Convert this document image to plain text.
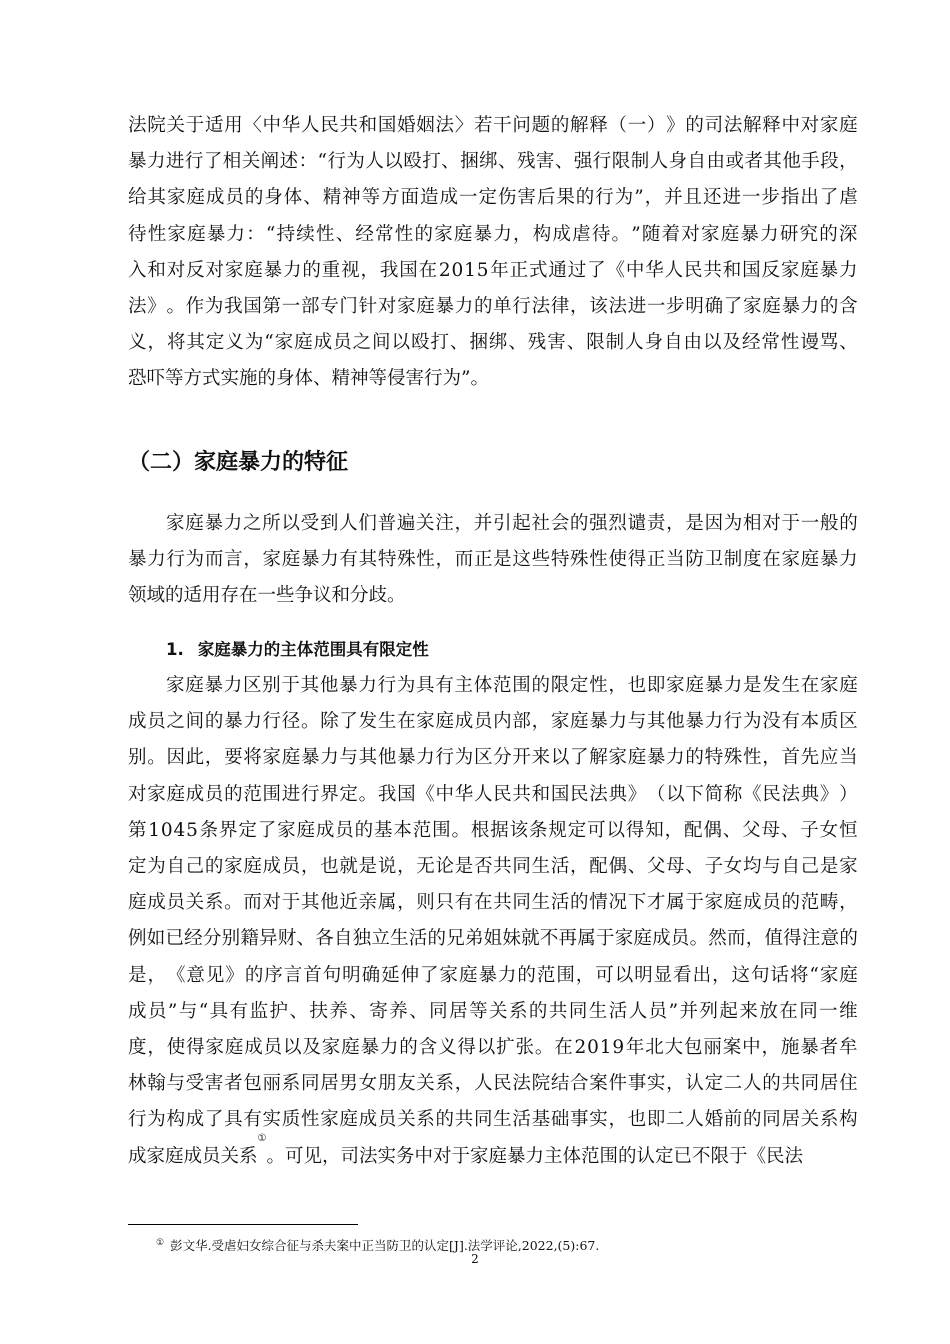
法 院 关 于 适 用 〈 中 华 人 民 共 和 国 婚 姻 法 〉 若 干 问 题 的 解 释 （ 一 ） 》 的 司 法 解 释 中 对 家 庭
暴 力 进 行 了 相 关 阐 述 ： “ 行 为 人 以 殴 打 、 捆 绑 、 残 害 、 强 行 限 制 人 身 自 由 或 者 其 他 手 段 ，
给 其 家 庭 成 员 的 身 体 、 精 神 等 方 面 造 成 一 定 伤 害 后 果 的 行 为 ” ， 并 且 还 进 一 步 指 出 了 虐
待 性 家 庭 暴 力 ： “ 持 续 性 、 经 常 性 的 家 庭 暴 力 ， 构 成 虐 待 。 ” 随 着 对 家 庭 暴 力 研 究 的 深
入 和 对 反 对 家 庭 暴 力 的 重 视 ， 我 国 在 2 0 1 5 年 正 式 通 过 了 《 中 华 人 民 共 和 国 反 家 庭 暴 力
法 》 。 作 为 我 国 第 一 部 专 门 针 对 家 庭 暴 力 的 单 行 法 律 ， 该 法 进 一 步 明 确 了 家 庭 暴 力 的 含
义 ， 将 其 定 义 为 “ 家 庭 成 员 之 间 以 殴 打 、 捆 绑 、 残 害 、 限 制 人 身 自 由 以 及 经 常 性 谩 骂 、
恐吓等方式实施的身体、精神等侵害行为”。
（二）家庭暴力的特征
家 庭 暴 力 之 所 以 受 到 人 们 普 遍 关 注 ， 并 引 起 社 会 的 强 烈 谴 责 ， 是 因 为 相 对 于 一 般 的
暴 力 行 为 而 言 ， 家 庭 暴 力 有 其 特 殊 性 ， 而 正 是 这 些 特 殊 性 使 得 正 当 防 卫 制 度 在 家 庭 暴 力
领域的适用存在一些争议和分歧。
1. 家庭暴力的主体范围具有限定性
家 庭 暴 力 区 别 于 其 他 暴 力 行 为 具 有 主 体 范 围 的 限 定 性 ， 也 即 家 庭 暴 力 是 发 生 在 家 庭
成 员 之 间 的 暴 力 行 径 。 除 了 发 生 在 家 庭 成 员 内 部 ， 家 庭 暴 力 与 其 他 暴 力 行 为 没 有 本 质 区
别 。 因 此 ， 要 将 家 庭 暴 力 与 其 他 暴 力 行 为 区 分 开 来 以 了 解 家 庭 暴 力 的 特 殊 性 ， 首 先 应 当
对 家 庭 成 员 的 范 围 进 行 界 定 。 我 国 《 中 华 人 民 共 和 国 民 法 典 》 （ 以 下 简 称 《 民 法 典 》 ）
第 1 0 4 5 条 界 定 了 家 庭 成 员 的 基 本 范 围 。 根 据 该 条 规 定 可 以 得 知 ， 配 偶 、 父 母 、 子 女 恒
定 为 自 己 的 家 庭 成 员 ， 也 就 是 说 ， 无 论 是 否 共 同 生 活 ， 配 偶 、 父 母 、 子 女 均 与 自 己 是 家
庭 成 员 关 系 。 而 对 于 其 他 近 亲 属 ， 则 只 有 在 共 同 生 活 的 情 况 下 才 属 于 家 庭 成 员 的 范 畴 ，
例 如 已 经 分 别 籍 异 财 、 各 自 独 立 生 活 的 兄 弟 姐 妹 就 不 再 属 于 家 庭 成 员 。 然 而 ， 值 得 注 意 的
是 ， 《 意 见 》 的 序 言 首 句 明 确 延 伸 了 家 庭 暴 力 的 范 围 ， 可 以 明 显 看 出 ， 这 句 话 将 “ 家 庭
成 员 ” 与 “ 具 有 监 护 、 扶 养 、 寄 养 、 同 居 等 关 系 的 共 同 生 活 人 员 ” 并 列 起 来 放 在 同 一 维
度 ， 使 得 家 庭 成 员 以 及 家 庭 暴 力 的 含 义 得 以 扩 张 。 在 2 0 1 9 年 北 大 包 丽 案 中 ， 施 暴 者 牟
林 翰 与 受 害 者 包 丽 系 同 居 男 女 朋 友 关 系 ， 人 民 法 院 结 合 案 件 事 实 ， 认 定 二 人 的 共 同 居 住
行 为 构 成 了 具 有 实 质 性 家 庭 成 员 关 系 的 共 同 生 活 基 础 事 实 ， 也 即 二 人 婚 前 的 同 居 关 系 构
成家庭成员关系
①
。可见，司法实务中对于家庭暴力主体范围的认定已不限于《民法
① 彭文华.受虐妇女综合征与杀夫案中正当防卫的认定[J].法学评论,2022,(5):67.
2
